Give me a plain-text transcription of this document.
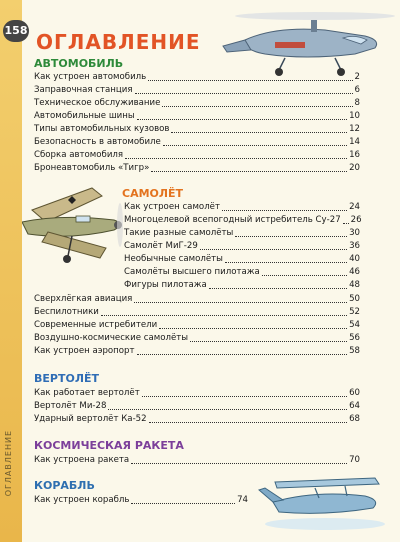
158
ОГЛАВЛЕНИЕ
ОГЛАВЛЕНИЕ
АВТОМОБИЛЬ
Как устроен автомобиль	2
Заправочная станция	6
Техническое обслуживание	8
Автомобильные шины	10
Типы автомобильных кузовов	12
Безопасность в автомобиле	14
Сборка автомобиля	16
Бронеавтомобиль «Тигр»	20
САМОЛЁТ
Как устроен самолёт	24
Многоцелевой всепогодный истребитель Су-27 26
Такие разные самолёты	30
Самолёт МиГ-29	36
Необычные самолёты	40
Самолёты высшего пилотажа	46
Фигуры пилотажа	48
Сверхлёгкая авиация	50
Беспилотники	52
Современные истребители	54
Воздушно-космические самолёты	56
Как устроен аэропорт	58
ВЕРТОЛЁТ
Как работает вертолёт	60
Вертолёт Ми-28	64
Ударный вертолёт Ка-52	68
КОСМИЧЕСКАЯ РАКЕТА
Как устроена ракета	70
КОРАБЛЬ
Как устроен корабль	74
